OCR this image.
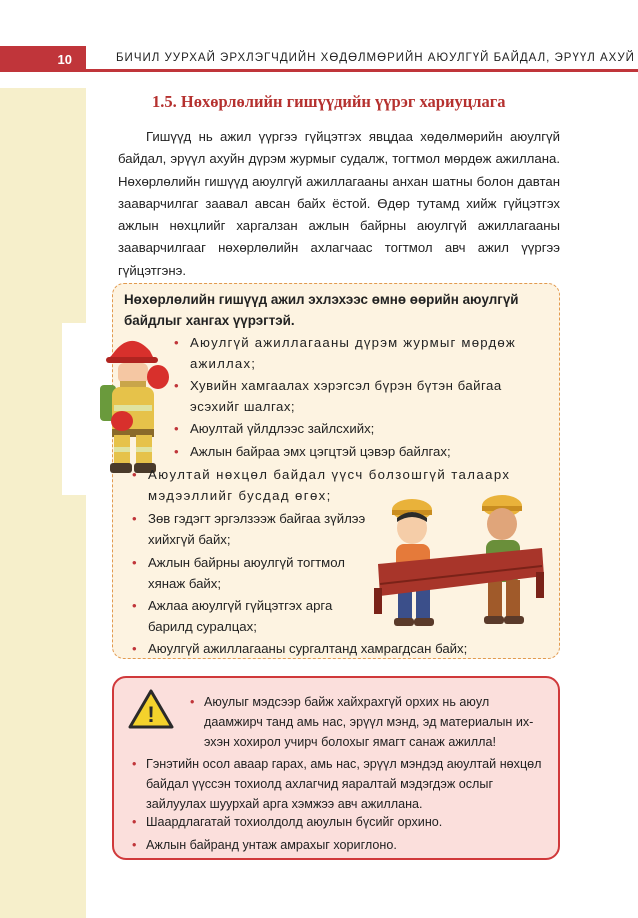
10	БИЧИЛ УУРХАЙ ЭРХЛЭГЧДИЙН ХӨДӨЛМӨРИЙН АЮУЛГҮЙ БАЙДАЛ, ЭРҮҮЛ АХУЙ
1.5. Нөхөрлөлийн гишүүдийн үүрэг хариуцлага
Гишүүд нь ажил үүргээ гүйцэтгэх явцдаа хөдөлмөрийн аюулгүй байдал, эрүүл ахуйн дүрэм журмыг судалж, тогтмол мөрдөж ажиллана. Нөхөрлөлийн гишүүд аюулгүй ажиллагааны анхан шатны болон давтан зааварчилгаг заавал авсан байх ёстой. Өдөр тутамд хийж гүйцэтгэх ажлын нөхцлийг харгалзан ажлын байрны аюулгүй ажиллагааны зааварчилгааг нөхөрлөлийн ахлагчаас тогтмол авч ажил үүргээ гүйцэтгэнэ.
Нөхөрлөлийн гишүүд ажил эхлэхээс өмнө өөрийн аюулгүй байдлыг хангах үүрэгтэй.
• Аюулгүй ажиллагааны дүрэм журмыг мөрдөж ажиллах;
• Хувийн хамгаалах хэрэгсэл бүрэн бүтэн байгаа эсэхийг шалгах;
• Аюултай үйлдлээс зайлсхийх;
• Ажлын байраа эмх цэгцтэй цэвэр байлгах;
• Аюултай нөхцөл байдал үүсч болзошгүй талаарх мэдээллийг бусдад өгөх;
• Зөв гэдэгт эргэлзээж байгаа зүйлээ хийхгүй байх;
• Ажлын байрны аюулгүй тогтмол хянаж байх;
• Ажлаа аюулгүй гүйцэтгэх арга барилд суралцах;
• Аюулгүй ажиллагааны сургалтанд хамрагдсан байх;
!	• Аюулыг мэдсээр байж хайхрахгүй орхих нь аюул даамжирч танд амь нас, эрүүл мэнд, эд материалын ихэхэн хохирол учирч болохыг ямагт санаж ажилла!
• Гэнэтийн осол аваар гарах, амь нас, эрүүл мэндэд аюултай нөхцөл байдал үүссэн тохиолд ахлагчид яаралтай мэдэгдэж ослыг зайлуулах шуурхай арга хэмжээ авч ажиллана.
• Шаардлагатай тохиолдолд аюулын бүсийг орхино.
• Ажлын байранд унтаж амрахыг хориглоно.
